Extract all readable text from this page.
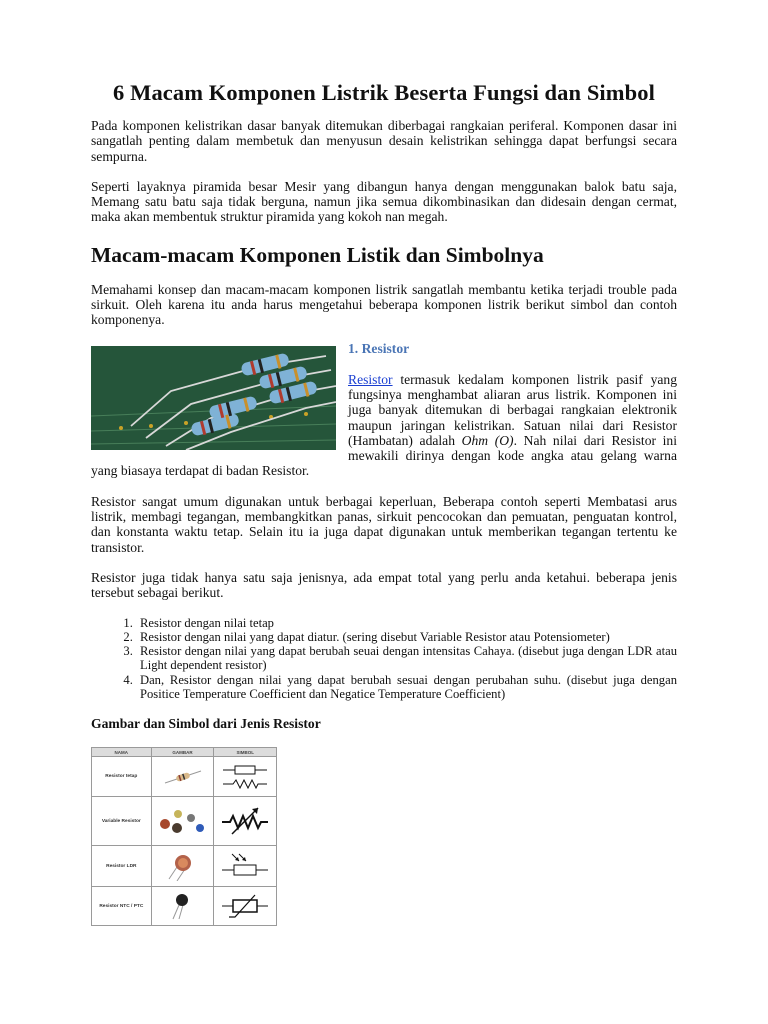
6 Macam Komponen Listrik Beserta Fungsi dan Simbol

Pada komponen kelistrikan dasar banyak ditemukan diberbagai rangkaian periferal. Komponen dasar ini sangatlah penting dalam membetuk dan menyusun desain kelistrikan sehingga dapat berfungsi secara sempurna.

Seperti layaknya piramida besar Mesir yang dibangun hanya dengan menggunakan balok batu saja, Memang satu batu saja tidak berguna, namun jika semua dikombinasikan dan didesain dengan cermat, maka akan membentuk struktur piramida yang kokoh nan megah.

Macam-macam Komponen Listik dan Simbolnya

Memahami konsep dan macam-macam komponen listrik sangatlah membantu ketika terjadi trouble pada sirkuit. Oleh karena itu anda harus mengetahui beberapa komponen listrik berikut simbol dan contoh komponenya.

1. Resistor

Resistor termasuk kedalam komponen listrik pasif yang fungsinya menghambat aliaran arus listrik. Komponen ini juga banyak ditemukan di berbagai rangkaian elektronik maupun jaringan kelistrikan. Satuan nilai dari Resistor (Hambatan) adalah Ohm (O). Nah nilai dari Resistor ini mewakili dirinya dengan kode angka atau gelang warna yang biasaya terdapat di badan Resistor.

Resistor sangat umum digunakan untuk berbagai keperluan, Beberapa contoh seperti Membatasi arus listrik, membagi tegangan, membangkitkan panas, sirkuit pencocokan dan pemuatan, penguatan kontrol, dan konstanta waktu tetap. Selain itu ia juga dapat digunakan untuk memberikan tegangan tertentu ke transistor.

Resistor juga tidak hanya satu saja jenisnya, ada empat total yang perlu anda ketahui. beberapa jenis tersebut sebagai berikut.

1. Resistor dengan nilai tetap
2. Resistor dengan nilai yang dapat diatur. (sering disebut Variable Resistor atau Potensiometer)
3. Resistor dengan nilai yang dapat berubah seuai dengan intensitas Cahaya. (disebut juga dengan LDR atau Light dependent resistor)
4. Dan, Resistor dengan nilai yang dapat berubah sesuai dengan perubahan suhu. (disebut juga dengan Positice Temperature Coefficient dan Negatice Temperature Coefficient)

Gambar dan Simbol dari Jenis Resistor

NAMA	GAMBAR	SIMBOL
Resistor tetap	

Variable Resistor	

Resistor LDR	

Resistor NTC / PTC	
